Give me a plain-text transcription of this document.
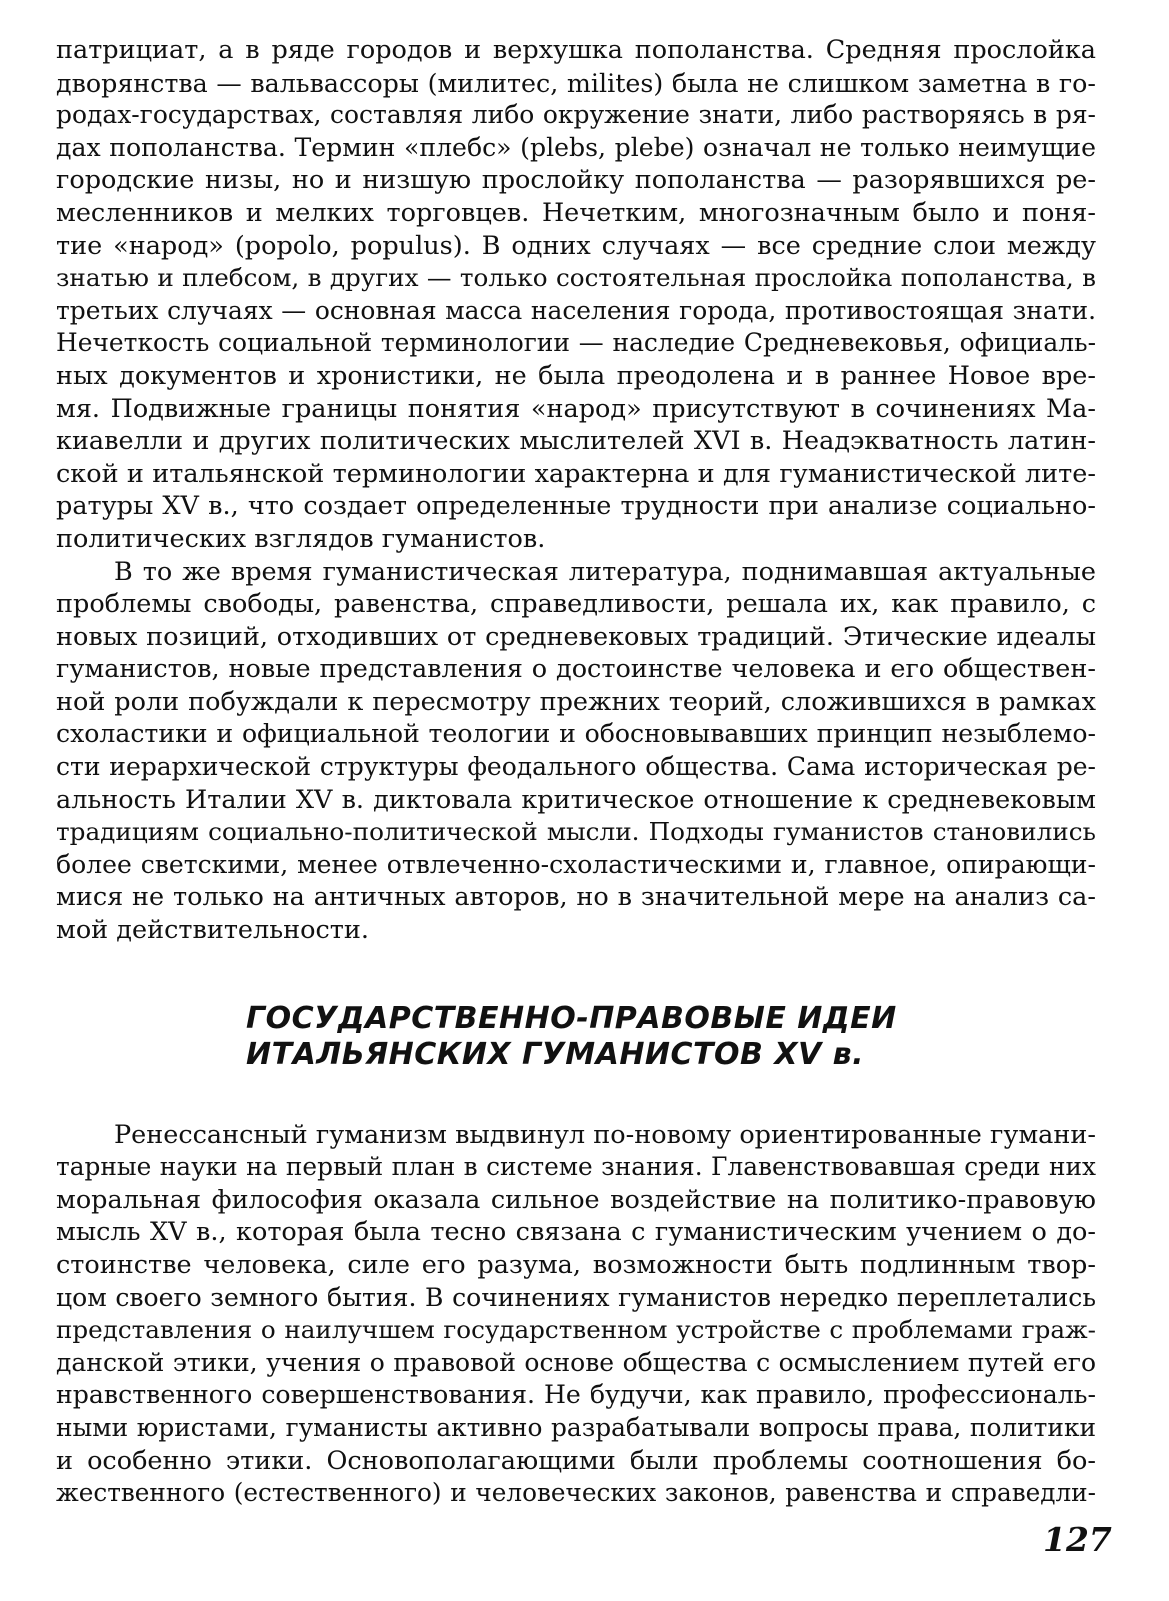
патрициат, а в ряде городов и верхушка пополанства. Средняя прослойка
дворянства — вальвассоры (милитес, milites) была не слишком заметна в го-
родах-государствах, составляя либо окружение знати, либо растворяясь в ря-
дах пополанства. Термин «плебс» (plebs, plebe) означал не только неимущие
городские низы, но и низшую прослойку пополанства — разорявшихся ре-
месленников и мелких торговцев. Нечетким, многозначным было и поня-
тие «народ» (popolo, populus). В одних случаях — все средние слои между
знатью и плебсом, в других — только состоятельная прослойка пополанства, в
третьих случаях — основная масса населения города, противостоящая знати.
Нечеткость социальной терминологии — наследие Средневековья, официаль-
ных документов и хронистики, не была преодолена и в раннее Новое вре-
мя. Подвижные границы понятия «народ» присутствуют в сочинениях Ма-
киавелли и других политических мыслителей XVI в. Неадэкватность латин-
ской и итальянской терминологии характерна и для гуманистической лите-
ратуры XV в., что создает определенные трудности при анализе социально-
политических взглядов гуманистов.
В то же время гуманистическая литература, поднимавшая актуальные
проблемы свободы, равенства, справедливости, решала их, как правило, с
новых позиций, отходивших от средневековых традиций. Этические идеалы
гуманистов, новые представления о достоинстве человека и его обществен-
ной роли побуждали к пересмотру прежних теорий, сложившихся в рамках
схоластики и официальной теологии и обосновывавших принцип незыблемо-
сти иерархической структуры феодального общества. Сама историческая ре-
альность Италии XV в. диктовала критическое отношение к средневековым
традициям социально-политической мысли. Подходы гуманистов становились
более светскими, менее отвлеченно-схоластическими и, главное, опирающи-
мися не только на античных авторов, но в значительной мере на анализ са-
мой действительности.
ГОСУДАРСТВЕННО-ПРАВОВЫЕ ИДЕИ
ИТАЛЬЯНСКИХ ГУМАНИСТОВ XV в.
Ренессансный гуманизм выдвинул по-новому ориентированные гумани-
тарные науки на первый план в системе знания. Главенствовавшая среди них
моральная философия оказала сильное воздействие на политико-правовую
мысль XV в., которая была тесно связана с гуманистическим учением о до-
стоинстве человека, силе его разума, возможности быть подлинным твор-
цом своего земного бытия. В сочинениях гуманистов нередко переплетались
представления о наилучшем государственном устройстве с проблемами граж-
данской этики, учения о правовой основе общества с осмыслением путей его
нравственного совершенствования. Не будучи, как правило, профессиональ-
ными юристами, гуманисты активно разрабатывали вопросы права, политики
и особенно этики. Основополагающими были проблемы соотношения бо-
жественного (естественного) и человеческих законов, равенства и справедли-
127
